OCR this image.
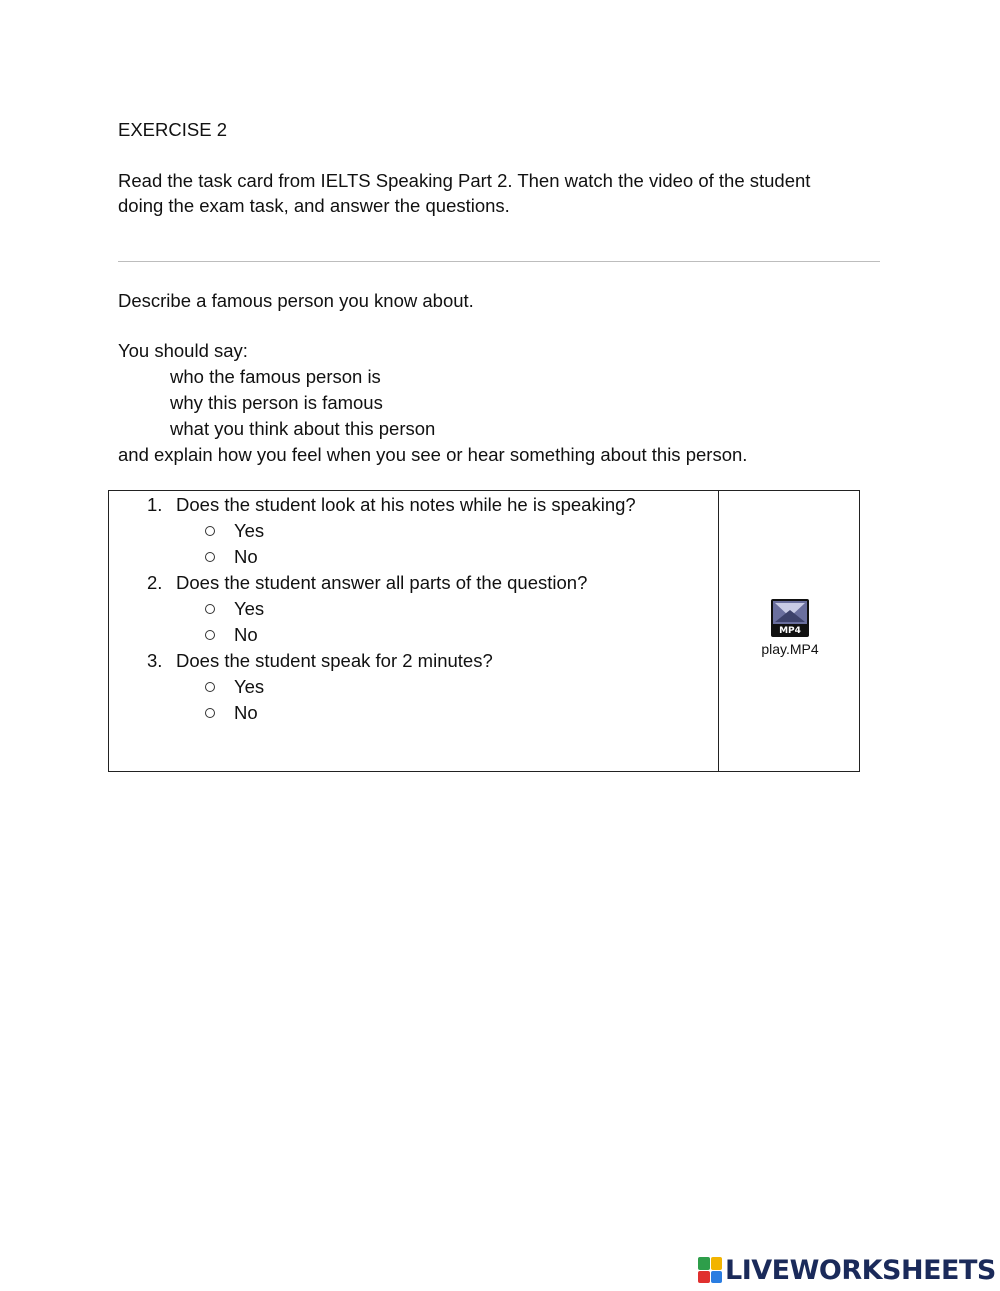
EXERCISE 2
Read the task card from IELTS Speaking Part 2. Then watch the video of the student doing the exam task, and answer the questions.
Describe a famous person you know about.
You should say:
who the famous person is
why this person is famous
what you think about this person
and explain how you feel when you see or hear something about this person.
1. Does the student look at his notes while he is speaking?
Yes
No
2. Does the student answer all parts of the question?
Yes
No
3. Does the student speak for 2 minutes?
Yes
No
MP4
play.MP4
LIVEWORKSHEETS
